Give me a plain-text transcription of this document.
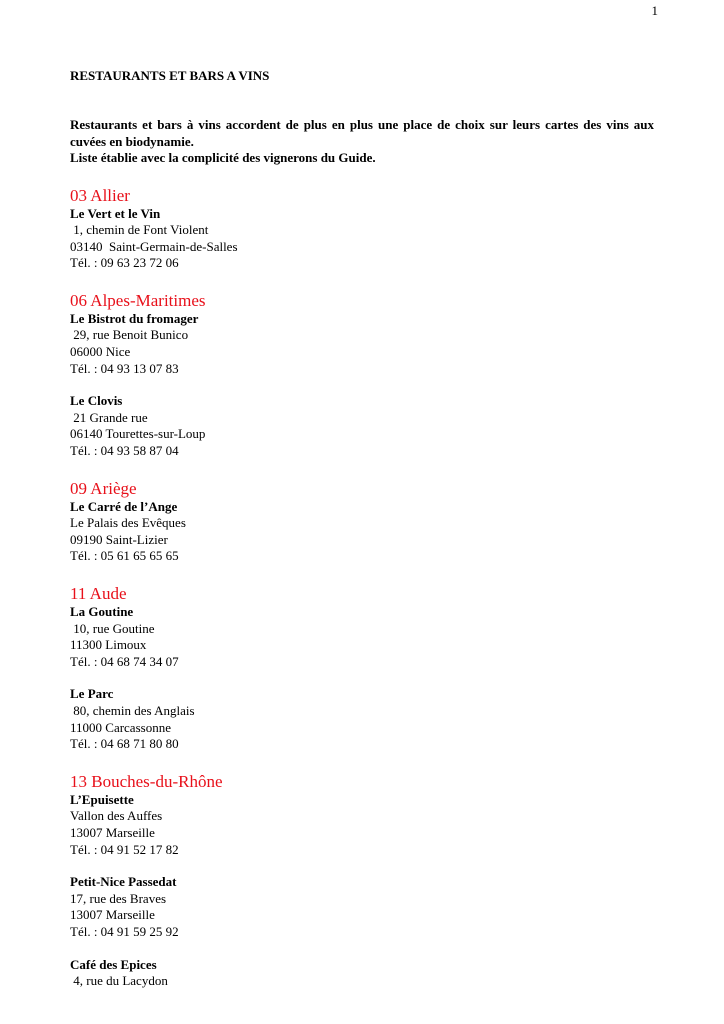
1
RESTAURANTS ET BARS A VINS

Restaurants et bars à vins accordent de plus en plus une place de choix sur leurs cartes des vins aux cuvées en biodynamie.

Liste établie avec la complicité des vignerons du Guide.

03 Allier
Le Vert et le Vin
1, chemin de Font Violent
03140  Saint-Germain-de-Salles
Tél. : 09 63 23 72 06
06 Alpes-Maritimes
Le Bistrot du fromager
29, rue Benoit Bunico
06000 Nice
Tél. : 04 93 13 07 83
Le Clovis
21 Grande rue
06140 Tourettes-sur-Loup
Tél. : 04 93 58 87 04
09 Ariège
Le Carré de l’Ange
Le Palais des Evêques
09190 Saint-Lizier
Tél. : 05 61 65 65 65
11 Aude
La Goutine
10, rue Goutine
11300 Limoux
Tél. : 04 68 74 34 07
Le Parc
80, chemin des Anglais
11000 Carcassonne
Tél. : 04 68 71 80 80
13 Bouches-du-Rhône
L’Epuisette
Vallon des Auffes
13007 Marseille
Tél. : 04 91 52 17 82
Petit-Nice Passedat
17, rue des Braves
13007 Marseille
Tél. : 04 91 59 25 92
Café des Epices
4, rue du Lacydon
